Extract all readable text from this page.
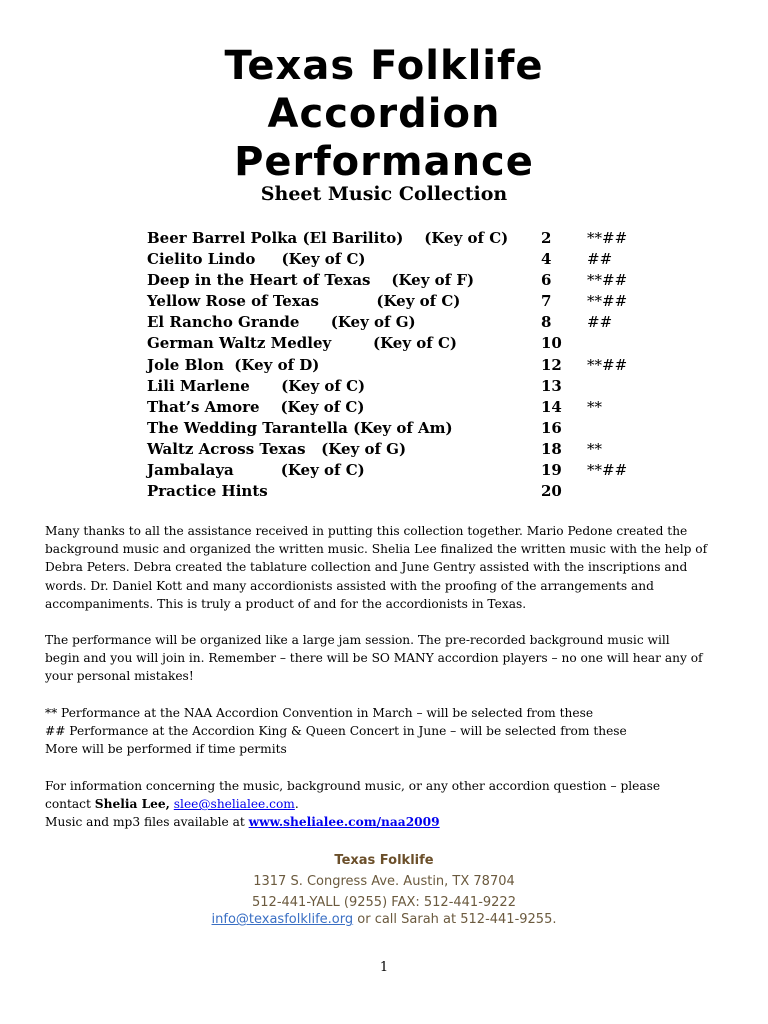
Texas Folklife
Accordion
Performance
Sheet Music Collection
Beer Barrel Polka (El Barilito)    (Key of C) 2 **##
Cielito Lindo     (Key of C)	4 ##
Deep in the Heart of Texas    (Key of F)	6 **##
Yellow Rose of Texas           (Key of C)	7 **##
El Rancho Grande      (Key of G)	8 ##
German Waltz Medley        (Key of C)	10
Jole Blon  (Key of D)	12 **##
Lili Marlene      (Key of C)	13
That’s Amore    (Key of C)	14 **
The Wedding Tarantella (Key of Am)	16
Waltz Across Texas   (Key of G)	18 **
Jambalaya         (Key of C)	19 **##
Practice Hints	20

Many thanks to all the assistance received in putting this collection together. Mario Pedone created the

background music and organized the written music. Shelia Lee finalized the written music with the help of

Debra Peters. Debra created the tablature collection and June Gentry assisted with the inscriptions and

words. Dr. Daniel Kott and many accordionists assisted with the proofing of the arrangements and

accompaniments. This is truly a product of and for the accordionists in Texas.

The performance will be organized like a large jam session. The pre-recorded background music will

begin and you will join in. Remember – there will be SO MANY accordion players – no one will hear any of

your personal mistakes!

** Performance at the NAA Accordion Convention in March – will be selected from these

## Performance at the Accordion King & Queen Concert in June – will be selected from these

More will be performed if time permits

For information concerning the music, background music, or any other accordion question – please

contact Shelia Lee, slee@shelialee.com.

Music and mp3 files available at www.shelialee.com/naa2009

Texas Folklife
1317 S. Congress Ave. Austin, TX 78704
512-441-YALL (9255) FAX: 512-441-9222
info@texasfolklife.org or call Sarah at 512-441-9255.
1
